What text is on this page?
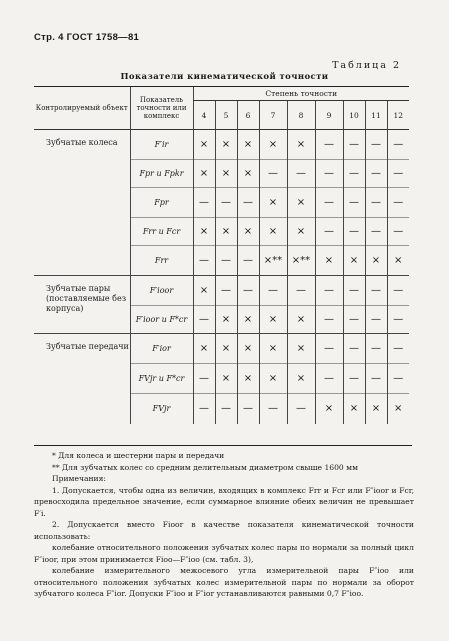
Стр. 4 ГОСТ 1758—81
Таблица 2
Показатели кинематической точности
Контролируемый объект	Показатель точности или комплекс	Степень точности								
		4	5	6	7	8	9	10	11	12
Зубчатые колеса	F′ir	×	×	×	×	×	—	—	—	—
	Fpr и Fpkr	×	×	×	—	—	—	—	—	—
	Fpr	—	—	—	×	×	—	—	—	—
	Frr и Fcr	×	×	×	×	×	—	—	—	—
	Frr	—	—	—	×**	×**	×	×	×	×
Зубчатые пары (поставляемые без корпуса)	F′ioor	×	—	—	—	—	—	—	—	—
	F′ioor и F*cr	—	×	×	×	×	—	—	—	—
Зубчатые передачи	F′ior	×	×	×	×	×	—	—	—	—
	FVjr и F*cr	—	×	×	×	×	—	—	—	—
	FVjr	—	—	—	—	—	×	×	×	×

* Для колеса и шестерни пары и передачи

** Для зубчатых колес со средним делительным диаметром свыше 1600 мм

Примечания:

1. Допускается, чтобы одна из величин, входящих в комплекс Frr и Fcr или F″ioor и Fcr, превосходила предельное значение, если суммарное влияние обеих величин не превышает F′i.

2. Допускается вместо Fioor в качестве показателя кинематической точности использовать:

колебание относительного положения зубчатых колес пары по нормали за полный цикл F″ioor, при этом принимается Fioo—F″ioo (см. табл. 3),

колебание измерительного межосевого угла измерительной пары F″ioo или относительного положения зубчатых колес измерительной пары по нормали за оборот зубчатого колеса F″ior. Допуски F″ioo и F″ior устанавливаются равными 0,7 F″ioo.
